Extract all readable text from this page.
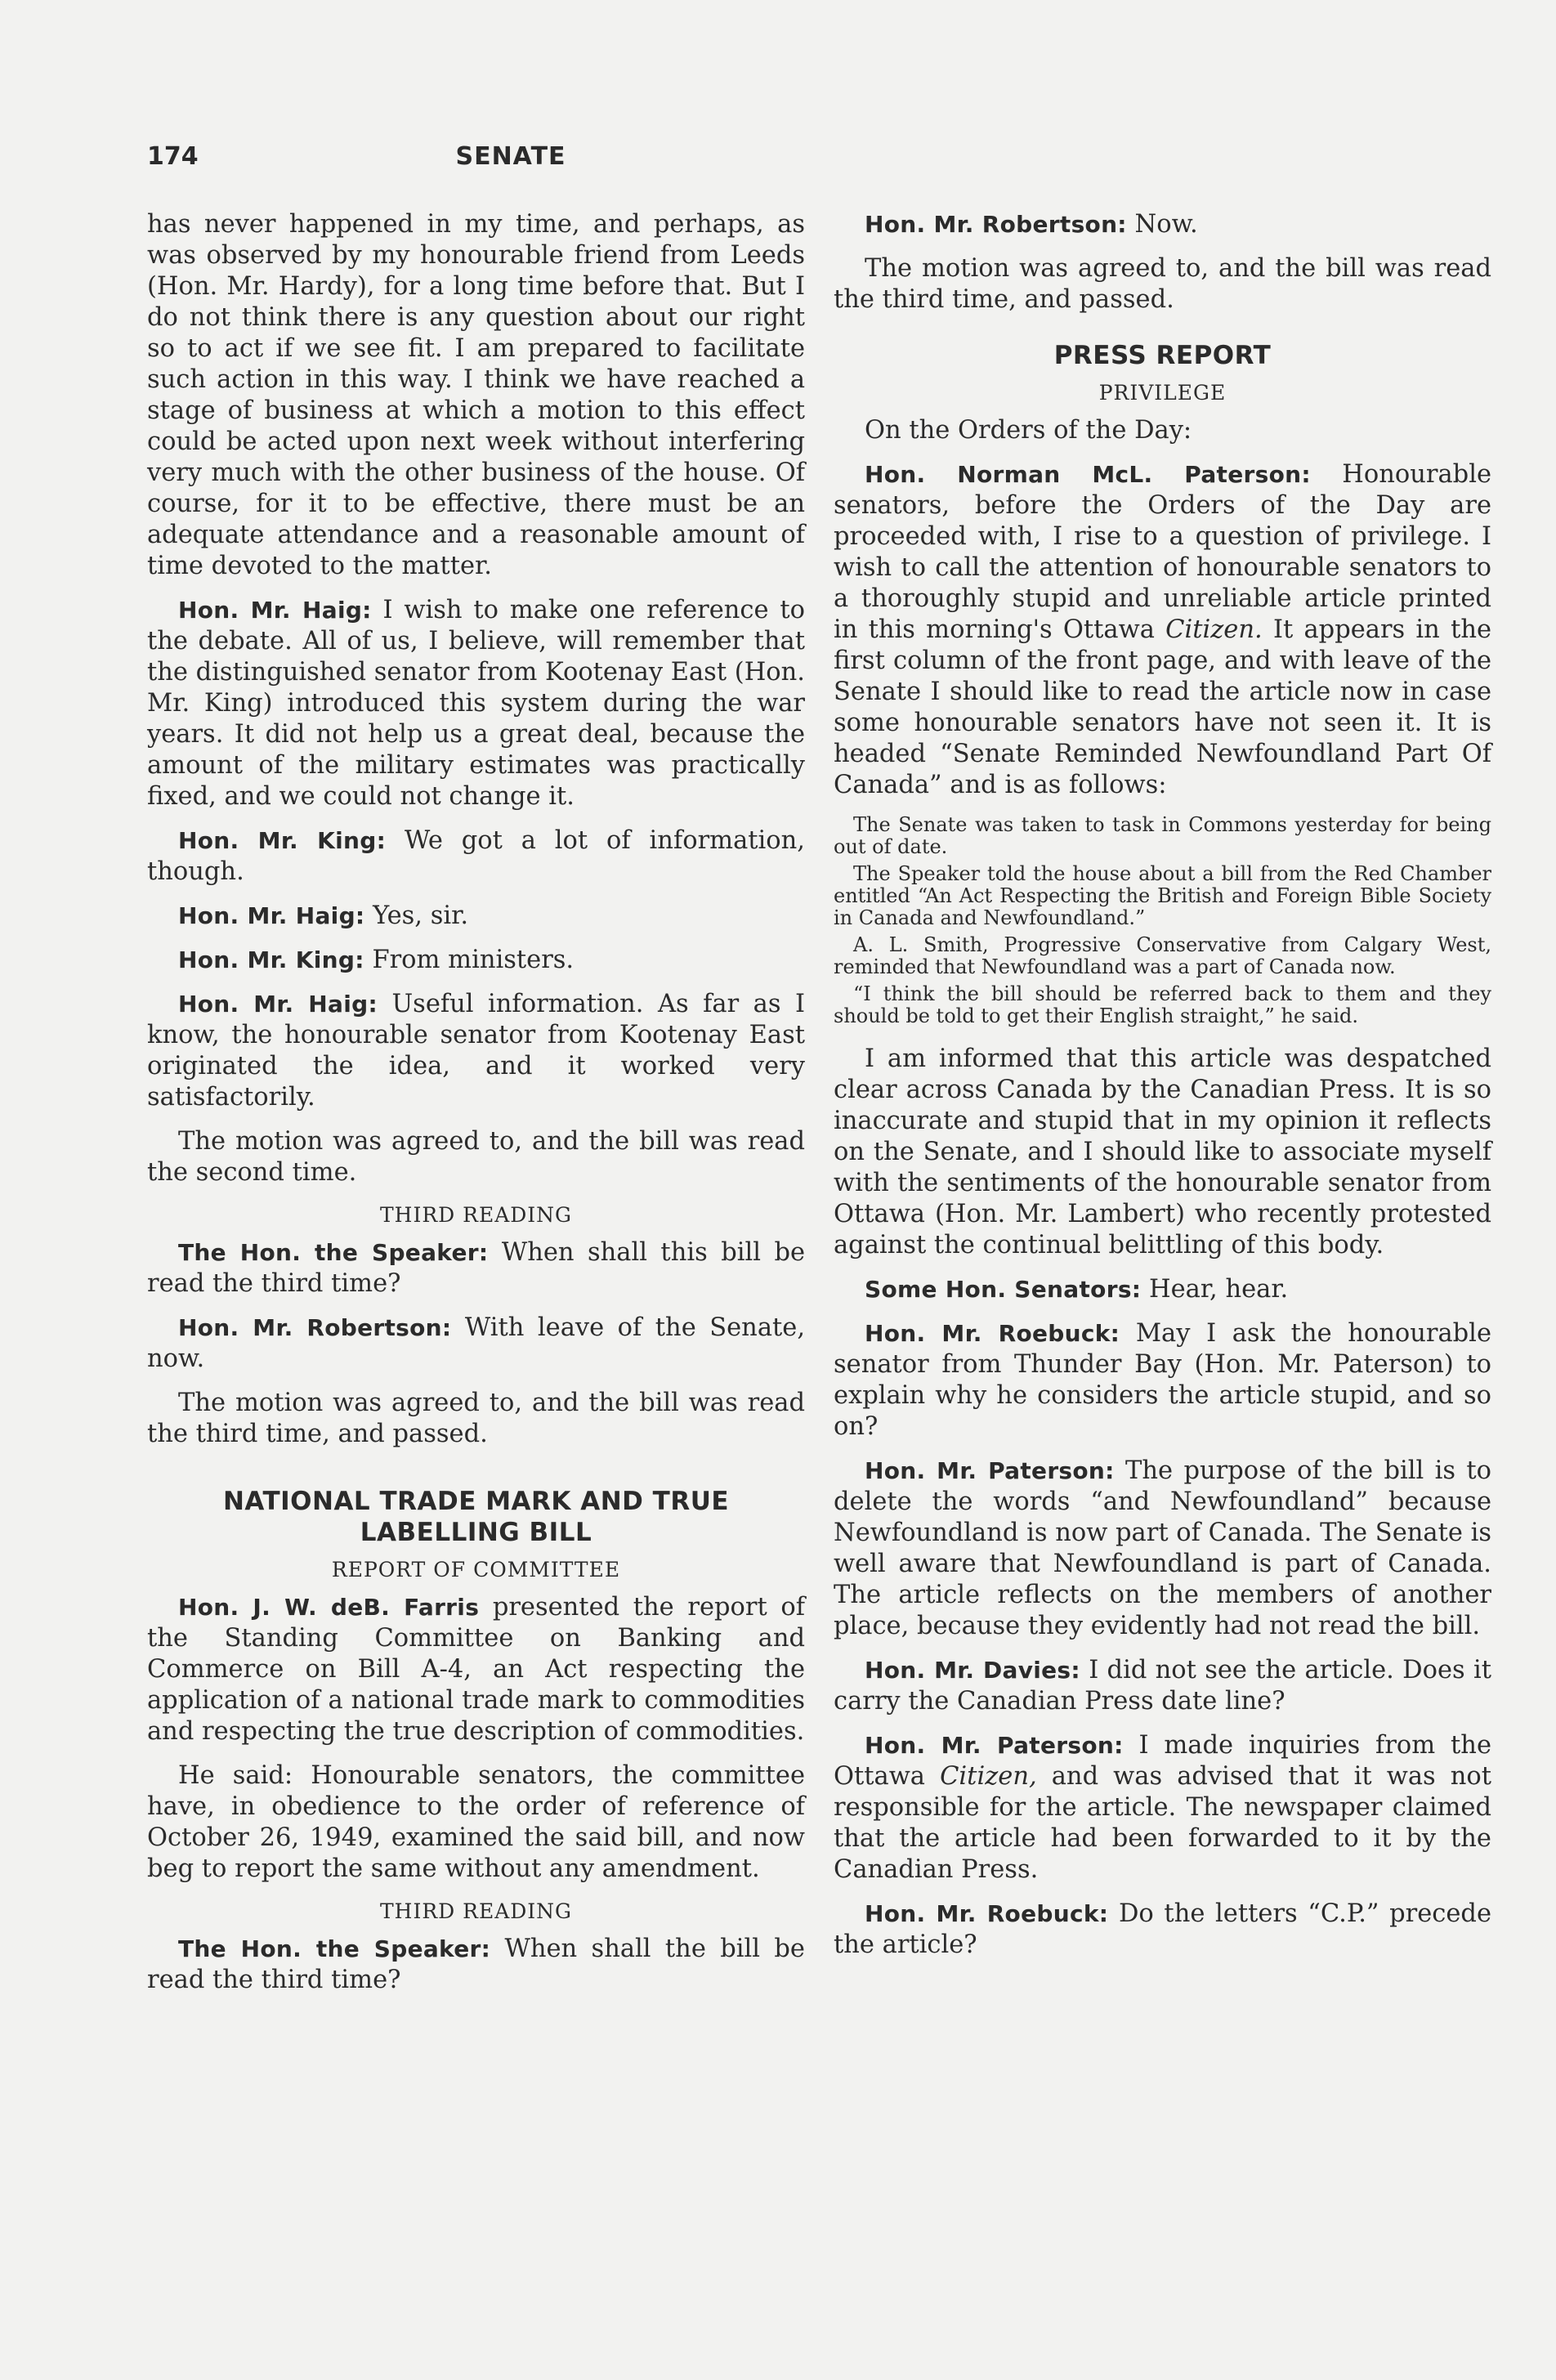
174	SENATE

has never happened in my time, and perhaps, as was observed by my honourable friend from Leeds (Hon. Mr. Hardy), for a long time before that. But I do not think there is any question about our right so to act if we see fit. I am prepared to facilitate such action in this way. I think we have reached a stage of business at which a motion to this effect could be acted upon next week without interfering very much with the other business of the house. Of course, for it to be effective, there must be an adequate attendance and a reasonable amount of time devoted to the matter.

Hon. Mr. Haig: I wish to make one reference to the debate. All of us, I believe, will remember that the distinguished senator from Kootenay East (Hon. Mr. King) introduced this system during the war years. It did not help us a great deal, because the amount of the military estimates was practically fixed, and we could not change it.

Hon. Mr. King: We got a lot of information, though.

Hon. Mr. Haig: Yes, sir.

Hon. Mr. King: From ministers.

Hon. Mr. Haig: Useful information. As far as I know, the honourable senator from Kootenay East originated the idea, and it worked very satisfactorily.

The motion was agreed to, and the bill was read the second time.

THIRD READING

The Hon. the Speaker: When shall this bill be read the third time?

Hon. Mr. Robertson: With leave of the Senate, now.

The motion was agreed to, and the bill was read the third time, and passed.

NATIONAL TRADE MARK AND TRUE LABELLING BILL
REPORT OF COMMITTEE

Hon. J. W. deB. Farris presented the report of the Standing Committee on Banking and Commerce on Bill A-4, an Act respecting the application of a national trade mark to commodities and respecting the true description of commodities.

He said: Honourable senators, the committee have, in obedience to the order of reference of October 26, 1949, examined the said bill, and now beg to report the same without any amendment.

THIRD READING

The Hon. the Speaker: When shall the bill be read the third time?

Hon. Mr. Robertson: Now.

The motion was agreed to, and the bill was read the third time, and passed.

PRESS REPORT
PRIVILEGE

On the Orders of the Day:

Hon. Norman McL. Paterson: Honourable senators, before the Orders of the Day are proceeded with, I rise to a question of privilege. I wish to call the attention of honourable senators to a thoroughly stupid and unreliable article printed in this morning's Ottawa Citizen. It appears in the first column of the front page, and with leave of the Senate I should like to read the article now in case some honourable senators have not seen it. It is headed “Senate Reminded Newfoundland Part Of Canada” and is as follows:

The Senate was taken to task in Commons yesterday for being out of date.

The Speaker told the house about a bill from the Red Chamber entitled “An Act Respecting the British and Foreign Bible Society in Canada and Newfoundland.”

A. L. Smith, Progressive Conservative from Calgary West, reminded that Newfoundland was a part of Canada now.

“I think the bill should be referred back to them and they should be told to get their English straight,” he said.

I am informed that this article was despatched clear across Canada by the Canadian Press. It is so inaccurate and stupid that in my opinion it reflects on the Senate, and I should like to associate myself with the sentiments of the honourable senator from Ottawa (Hon. Mr. Lambert) who recently protested against the continual belittling of this body.

Some Hon. Senators: Hear, hear.

Hon. Mr. Roebuck: May I ask the honourable senator from Thunder Bay (Hon. Mr. Paterson) to explain why he considers the article stupid, and so on?

Hon. Mr. Paterson: The purpose of the bill is to delete the words “and Newfoundland” because Newfoundland is now part of Canada. The Senate is well aware that Newfoundland is part of Canada. The article reflects on the members of another place, because they evidently had not read the bill.

Hon. Mr. Davies: I did not see the article. Does it carry the Canadian Press date line?

Hon. Mr. Paterson: I made inquiries from the Ottawa Citizen, and was advised that it was not responsible for the article. The newspaper claimed that the article had been forwarded to it by the Canadian Press.

Hon. Mr. Roebuck: Do the letters “C.P.” precede the article?
